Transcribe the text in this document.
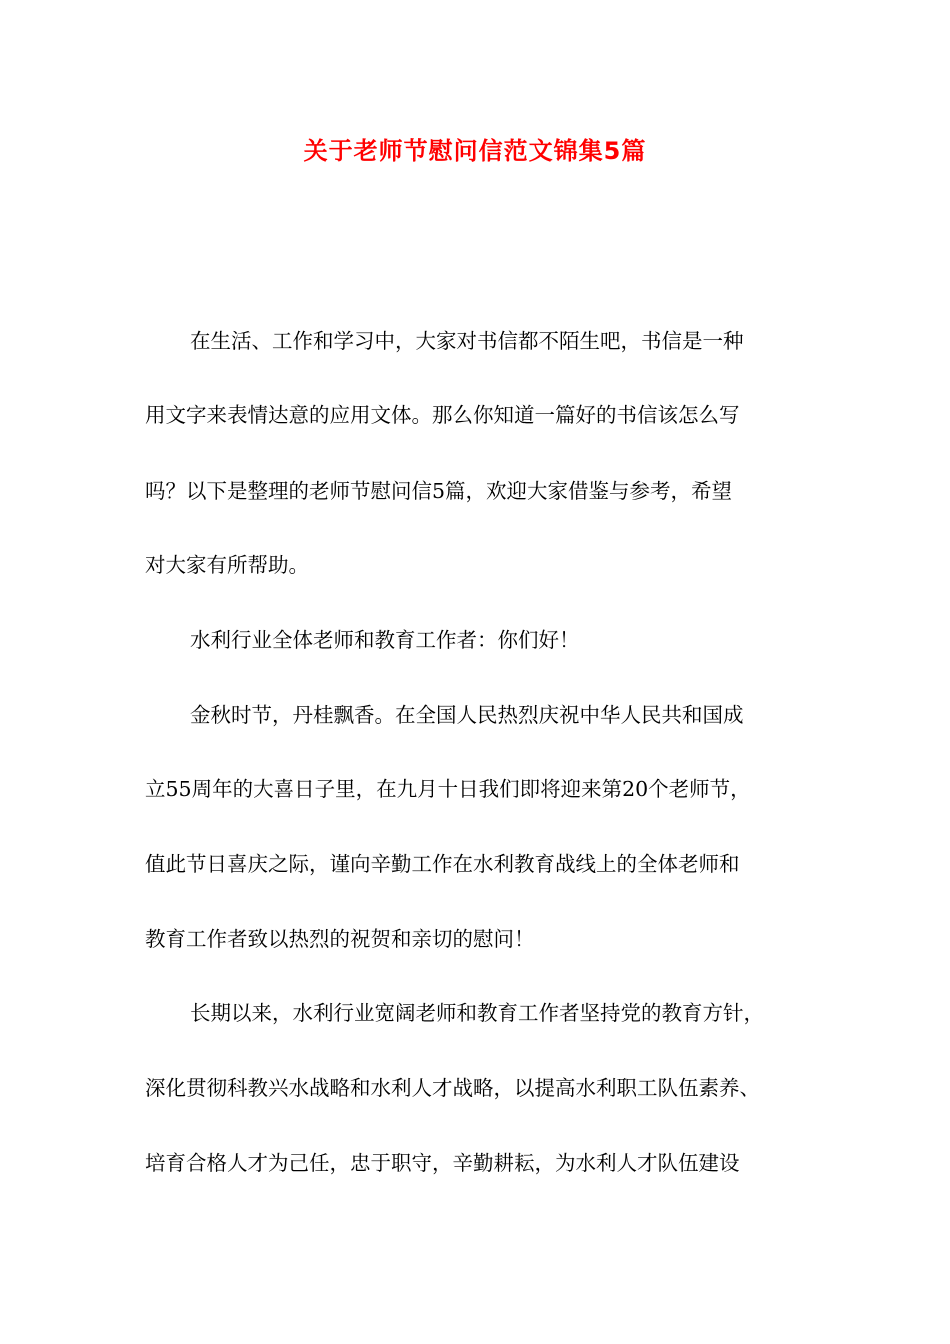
关于老师节慰问信范文锦集5篇
在生活、工作和学习中，大家对书信都不陌生吧，书信是一种
用文字来表情达意的应用文体。那么你知道一篇好的书信该怎么写
吗？以下是整理的老师节慰问信5篇，欢迎大家借鉴与参考，希望
对大家有所帮助。
水利行业全体老师和教育工作者：你们好！
金秋时节，丹桂飘香。在全国人民热烈庆祝中华人民共和国成
立55周年的大喜日子里，在九月十日我们即将迎来第20个老师节，
值此节日喜庆之际，谨向辛勤工作在水利教育战线上的全体老师和
教育工作者致以热烈的祝贺和亲切的慰问！
长期以来，水利行业宽阔老师和教育工作者坚持党的教育方针，
深化贯彻科教兴水战略和水利人才战略，以提高水利职工队伍素养、
培育合格人才为己任，忠于职守，辛勤耕耘，为水利人才队伍建设
